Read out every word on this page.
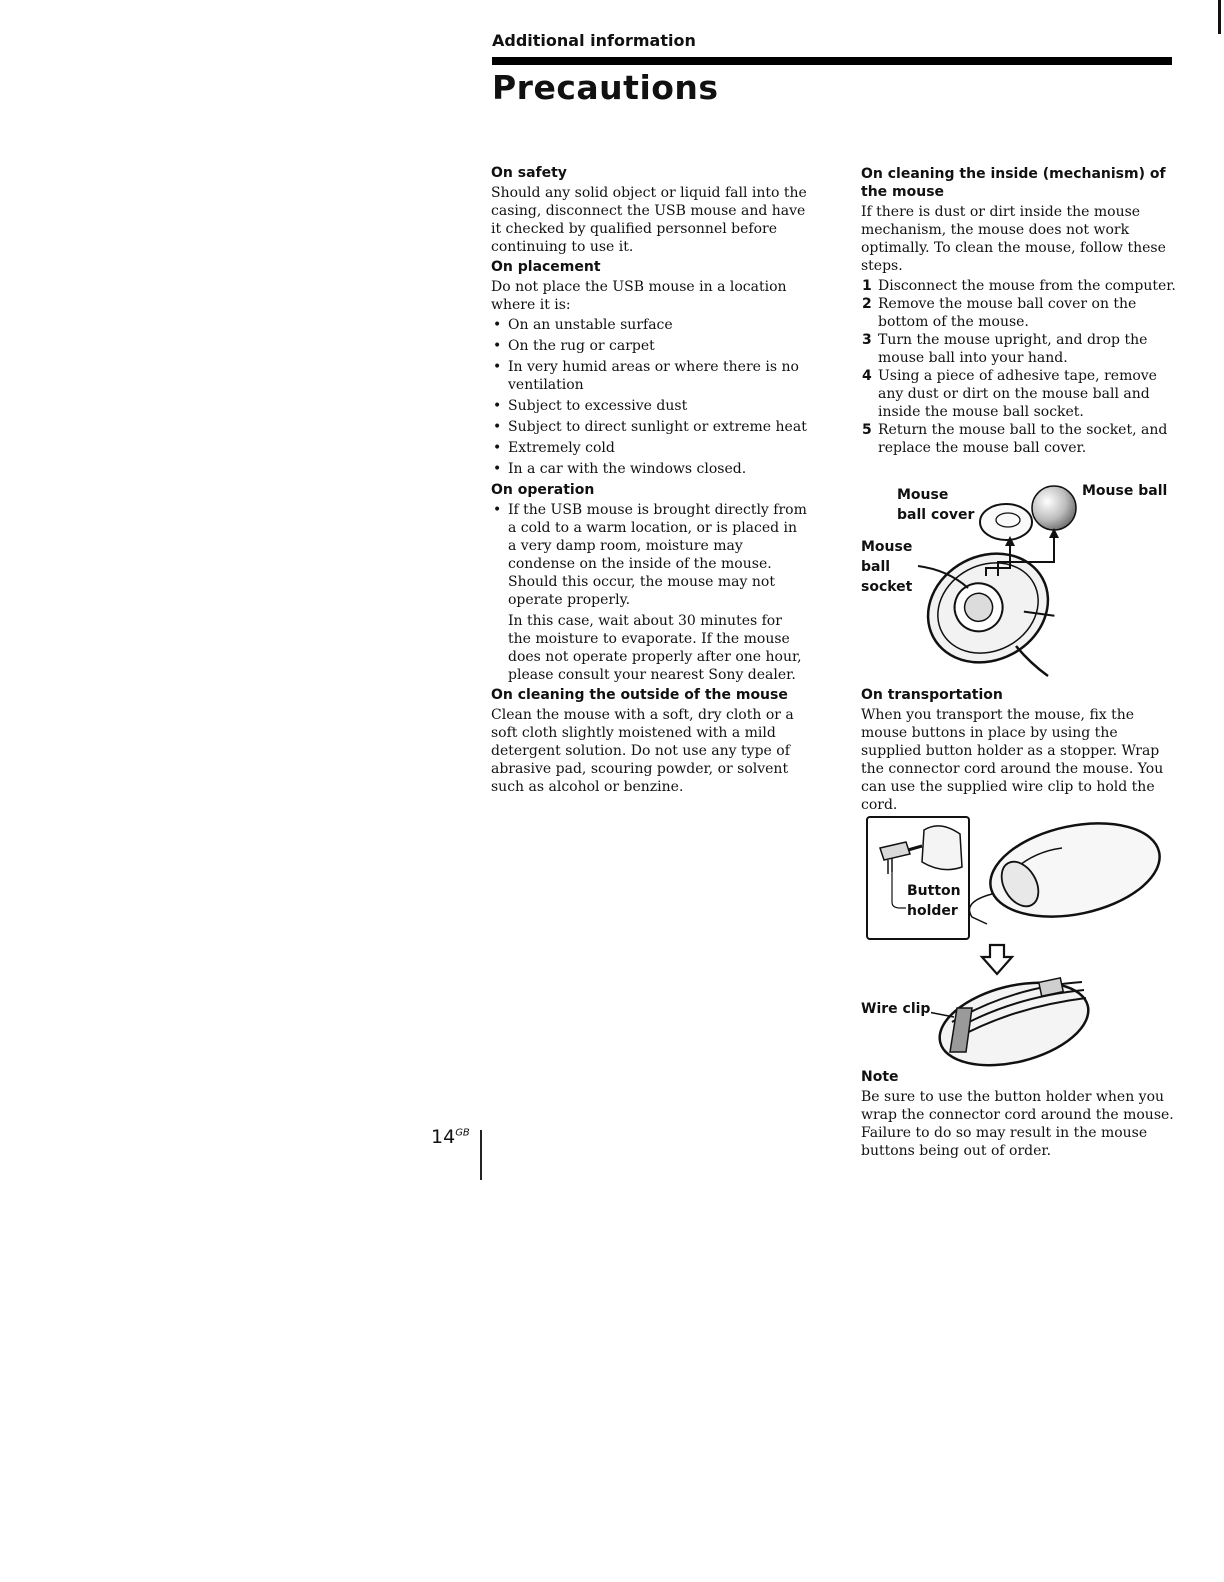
Additional information
Precautions
On safety

Should any solid object or liquid fall into the casing, disconnect the USB mouse and have it checked by qualified personnel before continuing to use it.

On placement

Do not place the USB mouse in a location where it is:

• On an unstable surface
• On the rug or carpet
• In very humid areas or where there is no ventilation
• Subject to excessive dust
• Subject to direct sunlight or extreme heat
• Extremely cold
• In a car with the windows closed.
On operation
• If the USB mouse is brought directly from a cold to a warm location, or is placed in a very damp room, moisture may condense on the inside of the mouse. Should this occur, the mouse may not operate properly.

In this case, wait about 30 minutes for the moisture to evaporate. If the mouse does not operate properly after one hour, please consult your nearest Sony dealer.

On cleaning the outside of the mouse

Clean the mouse with a soft, dry cloth or a soft cloth slightly moistened with a mild detergent solution. Do not use any type of abrasive pad, scouring powder, or solvent such as alcohol or benzine.

On cleaning the inside (mechanism) of the mouse

If there is dust or dirt inside the mouse mechanism, the mouse does not work optimally. To clean the mouse, follow these steps.

1 Disconnect the mouse from the computer.
2 Remove the mouse ball cover on the bottom of the mouse.
3 Turn the mouse upright, and drop the mouse ball into your hand.
4 Using a piece of adhesive tape, remove any dust or dirt on the mouse ball and inside the mouse ball socket.
5 Return the mouse ball to the socket, and replace the mouse ball cover.
Mouse
ball cover
Mouse ball
Mouse
ball
socket
On transportation

When you transport the mouse, fix the mouse buttons in place by using the supplied button holder as a stopper. Wrap the connector cord around the mouse. You can use the supplied wire clip to hold the cord.

Button
holder
Wire clip
Note

Be sure to use the button holder when you wrap the connector cord around the mouse. Failure to do so may result in the mouse buttons being out of order.

$14^{GB}$
